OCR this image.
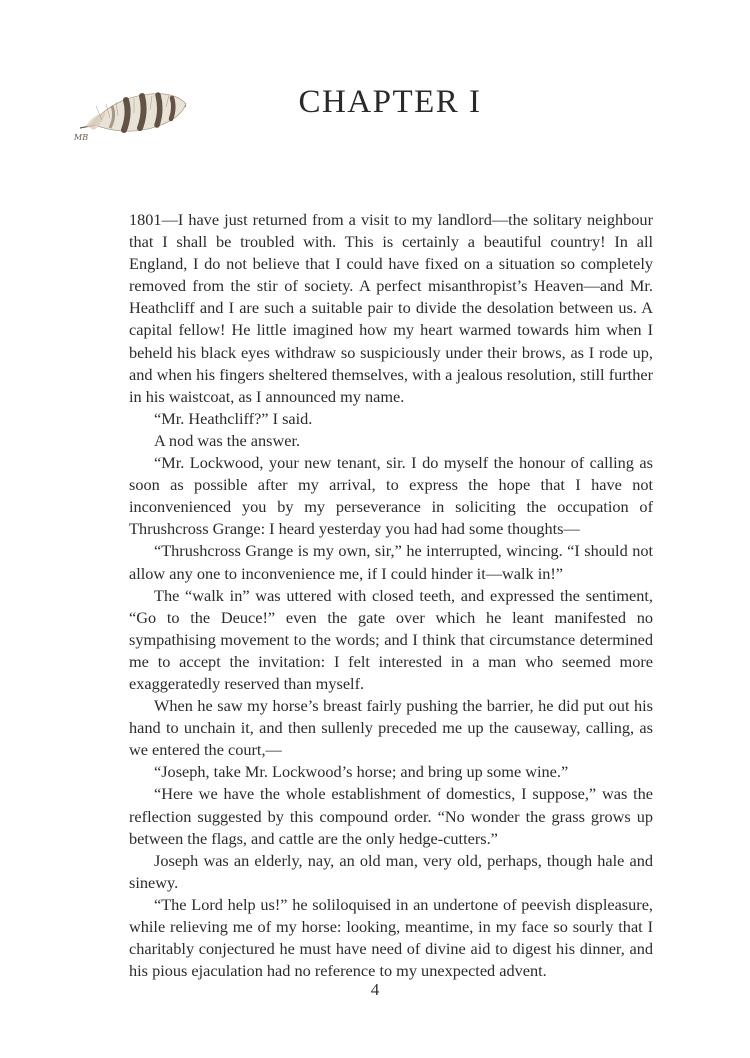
MB
CHAPTER I

1801—I have just returned from a visit to my landlord—the solitary neighbour that I shall be troubled with. This is certainly a beautiful country! In all England, I do not believe that I could have fixed on a situation so completely removed from the stir of society. A perfect misanthropist’s Heaven—and Mr. Heathcliff and I are such a suitable pair to divide the desolation between us. A capital fellow! He little imagined how my heart warmed towards him when I beheld his black eyes withdraw so suspiciously under their brows, as I rode up, and when his fingers sheltered themselves, with a jealous resolution, still further in his waistcoat, as I announced my name.

“Mr. Heathcliff?” I said.

A nod was the answer.

“Mr. Lockwood, your new tenant, sir. I do myself the honour of calling as soon as possible after my arrival, to express the hope that I have not inconvenienced you by my perseverance in soliciting the occupation of Thrushcross Grange: I heard yesterday you had had some thoughts—

“Thrushcross Grange is my own, sir,” he interrupted, wincing. “I should not allow any one to inconvenience me, if I could hinder it—walk in!”

The “walk in” was uttered with closed teeth, and expressed the sentiment, “Go to the Deuce!” even the gate over which he leant manifested no sympathising movement to the words; and I think that circumstance determined me to accept the invitation: I felt interested in a man who seemed more exaggeratedly reserved than myself.

When he saw my horse’s breast fairly pushing the barrier, he did put out his hand to unchain it, and then sullenly preceded me up the causeway, calling, as we entered the court,—

“Joseph, take Mr. Lockwood’s horse; and bring up some wine.”

“Here we have the whole establishment of domestics, I suppose,” was the reflection suggested by this compound order. “No wonder the grass grows up between the flags, and cattle are the only hedge-cutters.”

Joseph was an elderly, nay, an old man, very old, perhaps, though hale and sinewy.

“The Lord help us!” he soliloquised in an undertone of peevish displeasure, while relieving me of my horse: looking, meantime, in my face so sourly that I charitably conjectured he must have need of divine aid to digest his dinner, and his pious ejaculation had no reference to my unexpected advent.

4
